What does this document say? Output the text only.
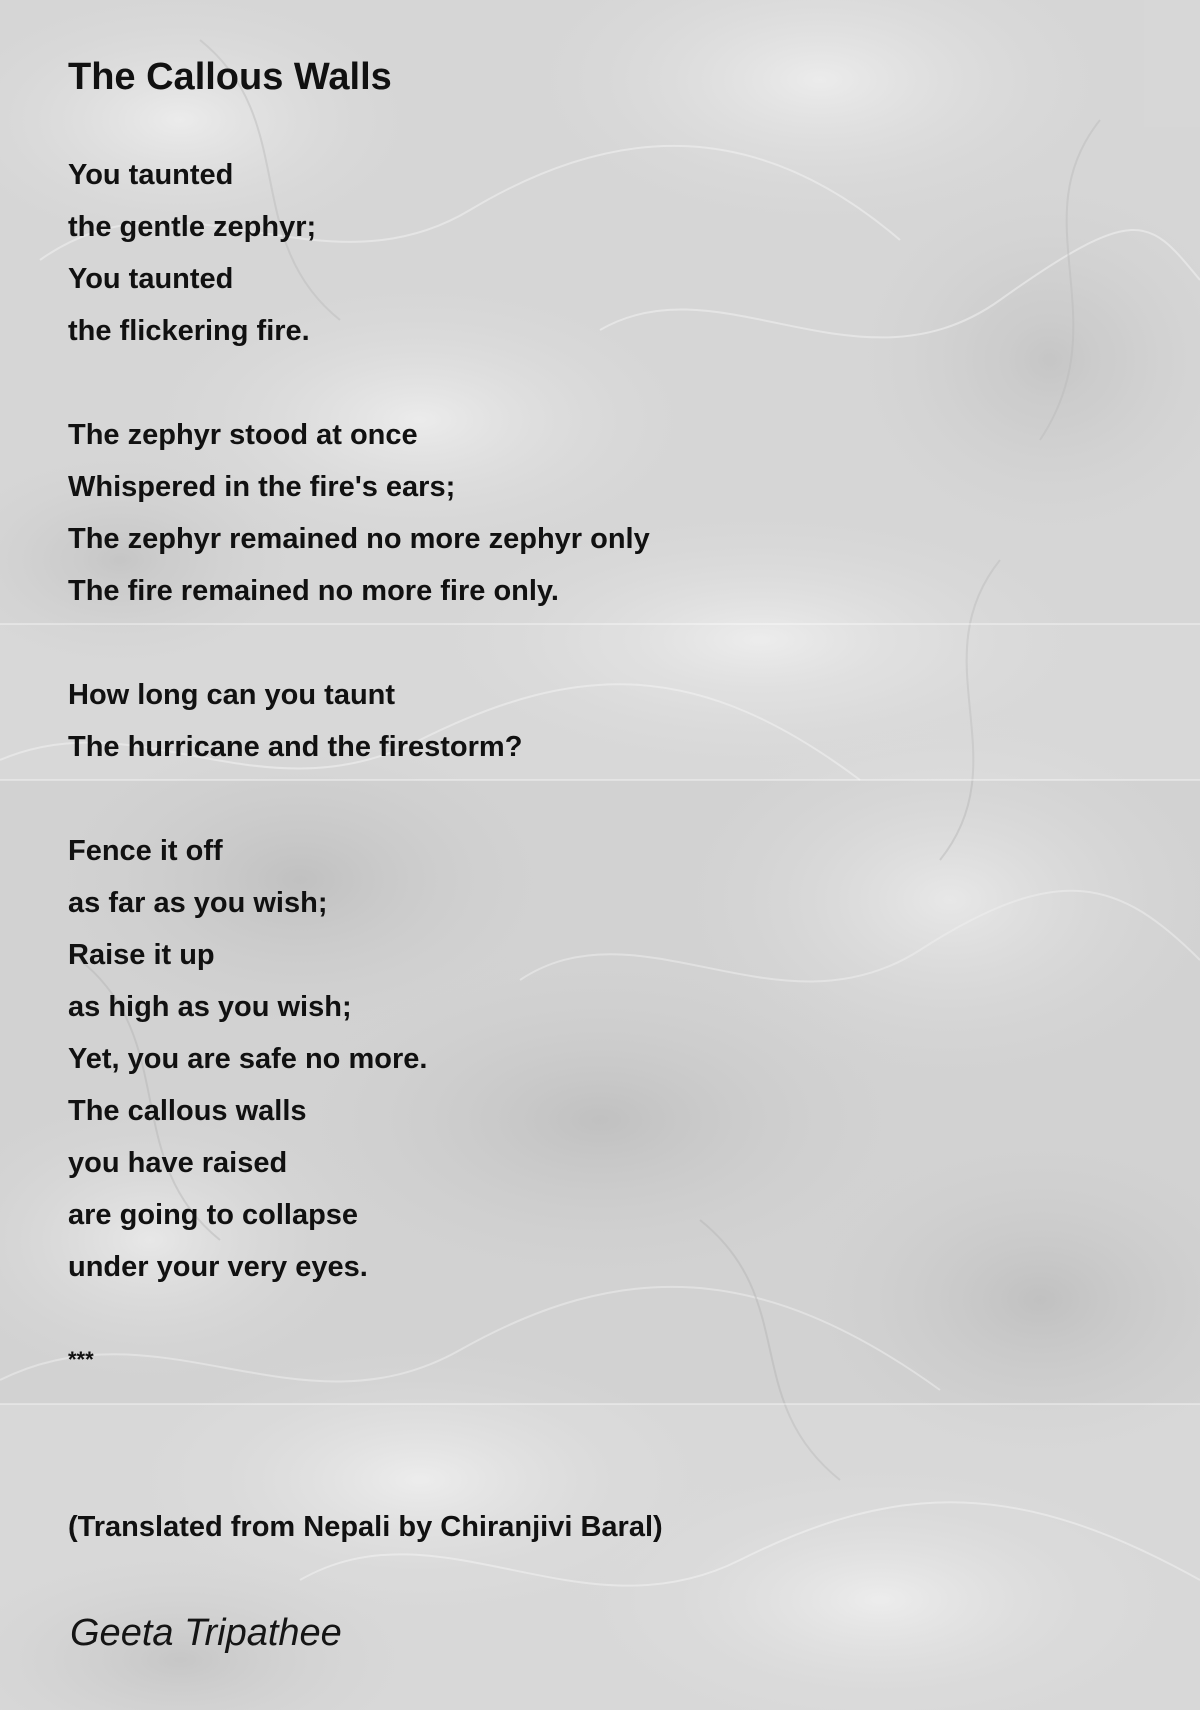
The Callous Walls
You taunted
the gentle zephyr;
You taunted
the flickering fire.
The zephyr stood at once
Whispered in the fire's ears;
The zephyr remained no more zephyr only
The fire remained no more fire only.
How long can you taunt
The hurricane and the firestorm?
Fence it off
as far as you wish;
Raise it up
as high as you wish;
Yet, you are safe no more.
The callous walls
you have raised
are going to collapse
under your very eyes.
***
(Translated from Nepali by Chiranjivi Baral)
Geeta Tripathee
